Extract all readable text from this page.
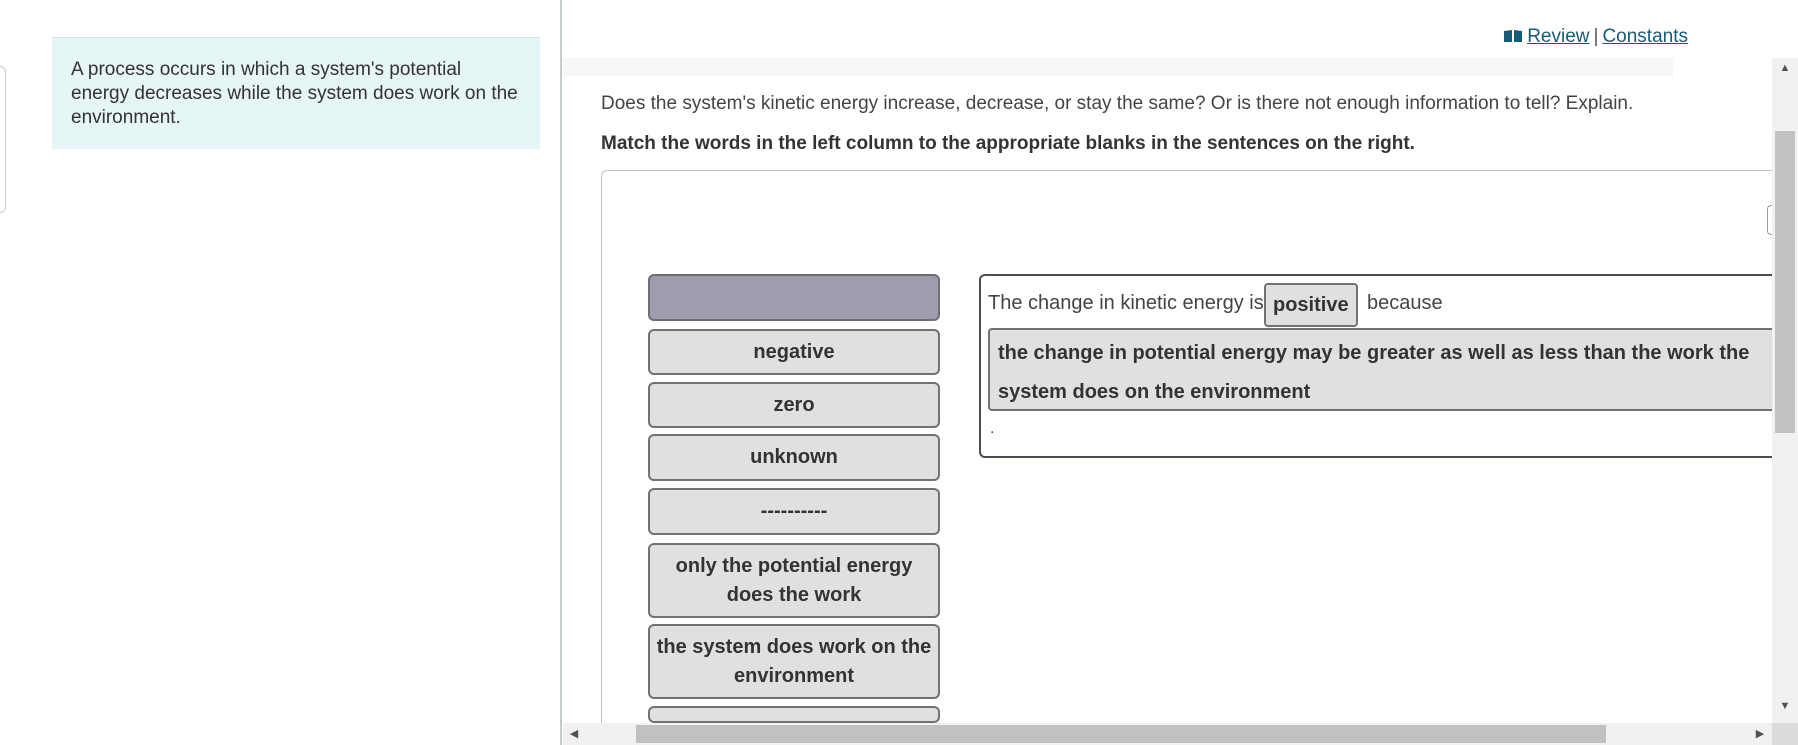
A process occurs in which a system's potential energy decreases while the system does work on the environment.
Review | Constants
Does the system's kinetic energy increase, decrease, or stay the same? Or is there not enough information to tell? Explain.
Match the words in the left column to the appropriate blanks in the sentences on the right.
negative
zero
unknown
----------
only the potential energy does the work
the system does work on the environment
The change in kinetic energy is positive because
the change in potential energy may be greater as well as less than the work the system does on the environment
.
▲
▼
◀	▶
